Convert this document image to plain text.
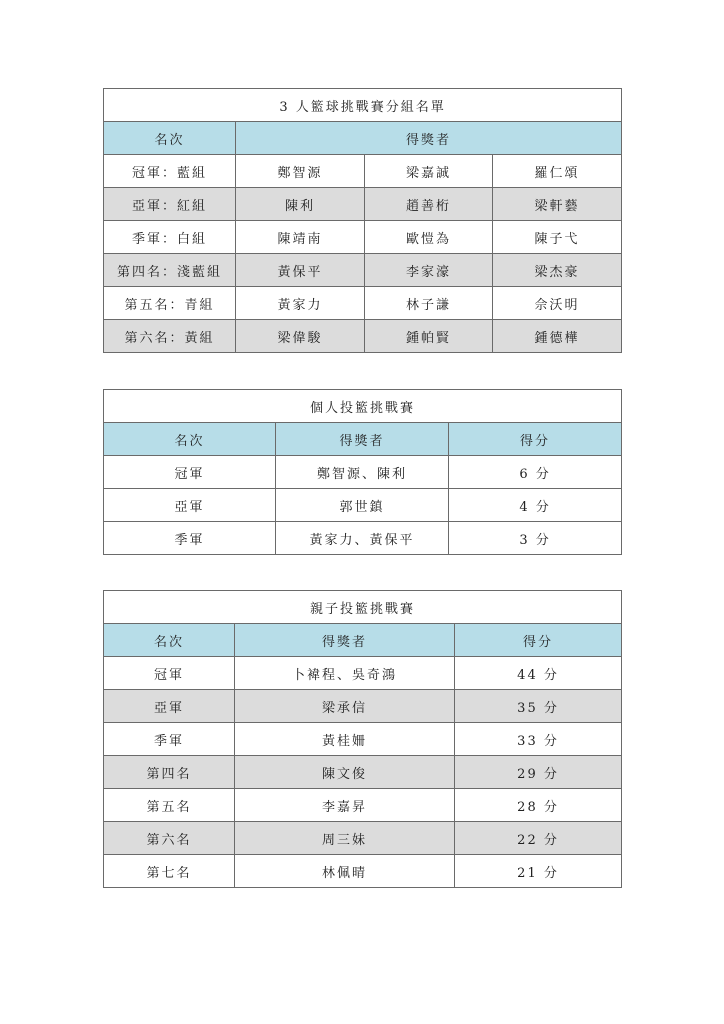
3 人籃球挑戰賽分組名單			
名次	得獎者		
冠軍：藍組	鄭智源	梁嘉誠	羅仁頌
亞軍：紅組	陳利	趙善桁	梁軒藝
季軍：白組	陳靖南	歐愷為	陳子弋
第四名：淺藍組	黃保平	李家濠	梁杰豪
第五名：青組	黃家力	林子謙	佘沃明
第六名：黃組	梁偉駿	鍾帕賢	鍾德樺
個人投籃挑戰賽		
名次	得獎者	得分
冠軍	鄭智源、陳利	6 分
亞軍	郭世鎮	4 分
季軍	黃家力、黃保平	3 分
親子投籃挑戰賽		
名次	得獎者	得分
冠軍	卜褘程、吳奇鴻	44 分
亞軍	梁承信	35 分
季軍	黃桂姍	33 分
第四名	陳文俊	29 分
第五名	李嘉昇	28 分
第六名	周三妹	22 分
第七名	林佩晴	21 分
